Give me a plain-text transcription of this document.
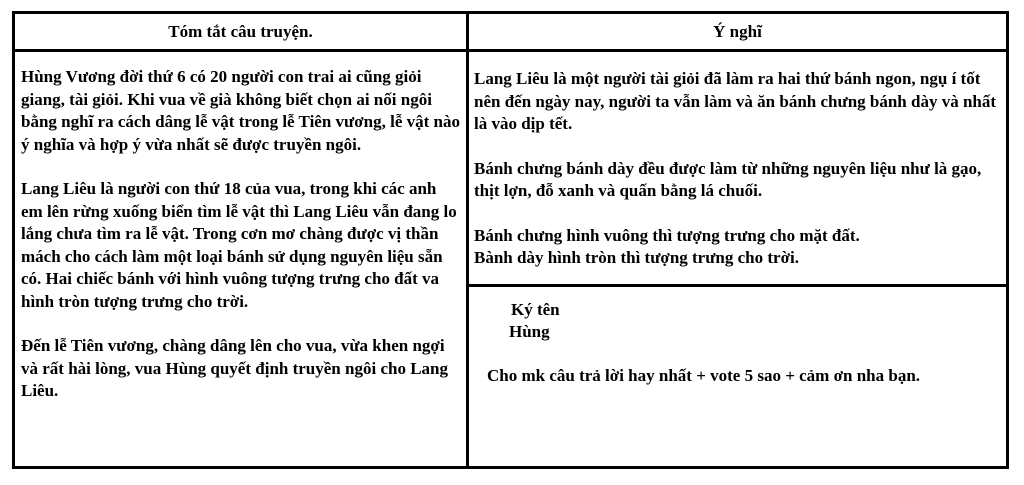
Tóm tắt câu truyện.	Ý nghĩ

Hùng Vương đời thứ 6 có 20 người con trai ai cũng giỏi giang, tài giỏi. Khi vua về già không biết chọn ai nối ngôi bằng nghĩ ra cách dâng lễ vật trong lễ Tiên vương, lễ vật nào ý nghĩa và hợp ý vừa nhất sẽ được truyền ngôi.

Lang Liêu là người con thứ 18 của vua, trong khi các anh em lên rừng xuống biển tìm lễ vật thì Lang Liêu vẫn đang lo lắng chưa tìm ra lễ vật. Trong cơn mơ chàng được vị thần mách cho cách làm một loại bánh sử dụng nguyên liệu sẵn có. Hai chiếc bánh với hình vuông tượng trưng cho đất va hình tròn tượng trưng cho trời.

Đến lễ Tiên vương, chàng dâng lên cho vua, vừa khen ngợi và rất hài lòng, vua Hùng quyết định truyền ngôi cho Lang Liêu.

Lang Liêu là một người tài giỏi đã làm ra hai thứ bánh ngon, ngụ í tốt nên đến ngày nay, người ta vẫn làm và ăn bánh chưng bánh dày và nhất là vào dịp tết.

Bánh chưng bánh dày đều được làm từ những nguyên liệu như là gạo, thịt lợn, đỗ xanh và quấn bằng lá chuối.

Bánh chưng hình vuông thì tượng trưng cho mặt đất.

Bành dày hình tròn thì tượng trưng cho trời.

Ký tên
Hùng
Cho mk câu trả lời hay nhất + vote 5 sao + cảm ơn nha bạn.
